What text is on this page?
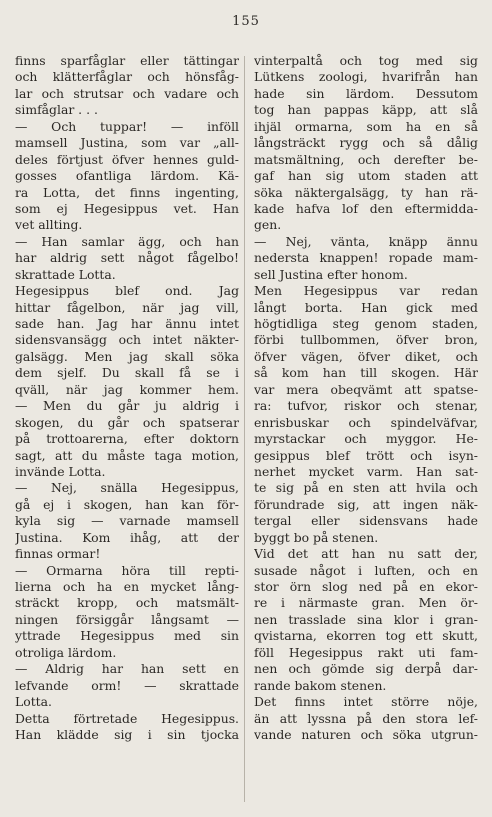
155
finns sparfåglar eller tättingar
och klätterfåglar och hönsfåg-
lar och strutsar och vadare och
simfåglar . . .
— Och tuppar! — inföll
mamsell Justina, som var „all-
deles förtjust öfver hennes guld-
gosses ofantliga lärdom. Kä-
ra Lotta, det finns ingenting,
som ej Hegesippus vet. Han
vet allting.
— Han samlar ägg, och han
har aldrig sett något fågelbo!
skrattade Lotta.
Hegesippus blef ond. Jag
hittar fågelbon, när jag vill,
sade han. Jag har ännu intet
sidensvansägg och intet näkter-
galsägg. Men jag skall söka
dem sjelf. Du skall få se i
qväll, när jag kommer hem.
— Men du går ju aldrig i
skogen, du går och spatserar
på trottoarerna, efter doktorn
sagt, att du måste taga motion,
invände Lotta.
— Nej, snälla Hegesippus,
gå ej i skogen, han kan för-
kyla sig — varnade mamsell
Justina. Kom ihåg, att der
finnas ormar!
— Ormarna höra till repti-
lierna och ha en mycket lång-
sträckt kropp, och matsmält-
ningen försiggår långsamt —
yttrade Hegesippus med sin
otroliga lärdom.
— Aldrig har han sett en
lefvande orm! — skrattade
Lotta.
Detta förtretade Hegesippus.
Han klädde sig i sin tjocka
vinterpaltå och tog med sig
Lütkens zoologi, hvarifrån han
hade sin lärdom. Dessutom
tog han pappas käpp, att slå
ihjäl ormarna, som ha en så
långsträckt rygg och så dålig
matsmältning, och derefter be-
gaf han sig utom staden att
söka näktergalsägg, ty han rä-
kade hafva lof den eftermidda-
gen.
— Nej, vänta, knäpp ännu
nedersta knappen! ropade mam-
sell Justina efter honom.
Men Hegesippus var redan
långt borta. Han gick med
högtidliga steg genom staden,
förbi tullbommen, öfver bron,
öfver vägen, öfver diket, och
så kom han till skogen. Här
var mera obeqvämt att spatse-
ra: tufvor, riskor och stenar,
enrisbuskar och spindelväfvar,
myrstackar och myggor. He-
gesippus blef trött och isyn-
nerhet mycket varm. Han sat-
te sig på en sten att hvila och
förundrade sig, att ingen näk-
tergal eller sidensvans hade
byggt bo på stenen.
Vid det att han nu satt der,
susade något i luften, och en
stor örn slog ned på en ekor-
re i närmaste gran. Men ör-
nen trasslade sina klor i gran-
qvistarna, ekorren tog ett skutt,
föll Hegesippus rakt uti fam-
nen och gömde sig derpå dar-
rande bakom stenen.
Det finns intet större nöje,
än att lyssna på den stora lef-
vande naturen och söka utgrun-
